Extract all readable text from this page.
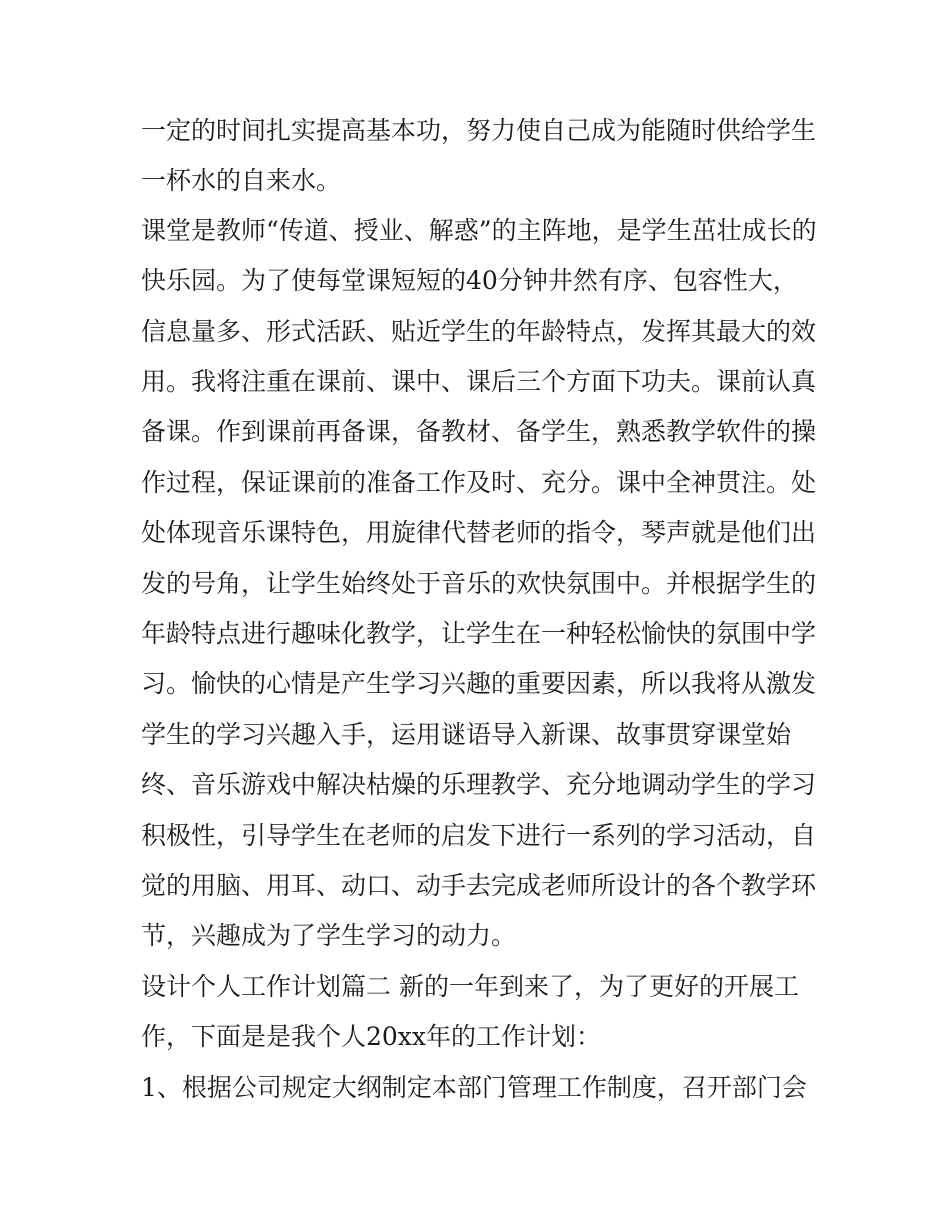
一定的时间扎实提高基本功，努力使自己成为能随时供给学生
一杯水的自来水。
课堂是教师“传道、授业、解惑”的主阵地，是学生茁壮成长的
快乐园。为了使每堂课短短的40分钟井然有序、包容性大，
信息量多、形式活跃、贴近学生的年龄特点，发挥其最大的效
用。我将注重在课前、课中、课后三个方面下功夫。课前认真
备课。作到课前再备课，备教材、备学生，熟悉教学软件的操
作过程，保证课前的准备工作及时、充分。课中全神贯注。处
处体现音乐课特色，用旋律代替老师的指令，琴声就是他们出
发的号角，让学生始终处于音乐的欢快氛围中。并根据学生的
年龄特点进行趣味化教学，让学生在一种轻松愉快的氛围中学
习。愉快的心情是产生学习兴趣的重要因素，所以我将从激发
学生的学习兴趣入手，运用谜语导入新课、故事贯穿课堂始
终、音乐游戏中解决枯燥的乐理教学、充分地调动学生的学习
积极性，引导学生在老师的启发下进行一系列的学习活动，自
觉的用脑、用耳、动口、动手去完成老师所设计的各个教学环
节，兴趣成为了学生学习的动力。
设计个人工作计划篇二 新的一年到来了，为了更好的开展工
作，下面是是我个人20xx年的工作计划：
1、根据公司规定大纲制定本部门管理工作制度，召开部门会
